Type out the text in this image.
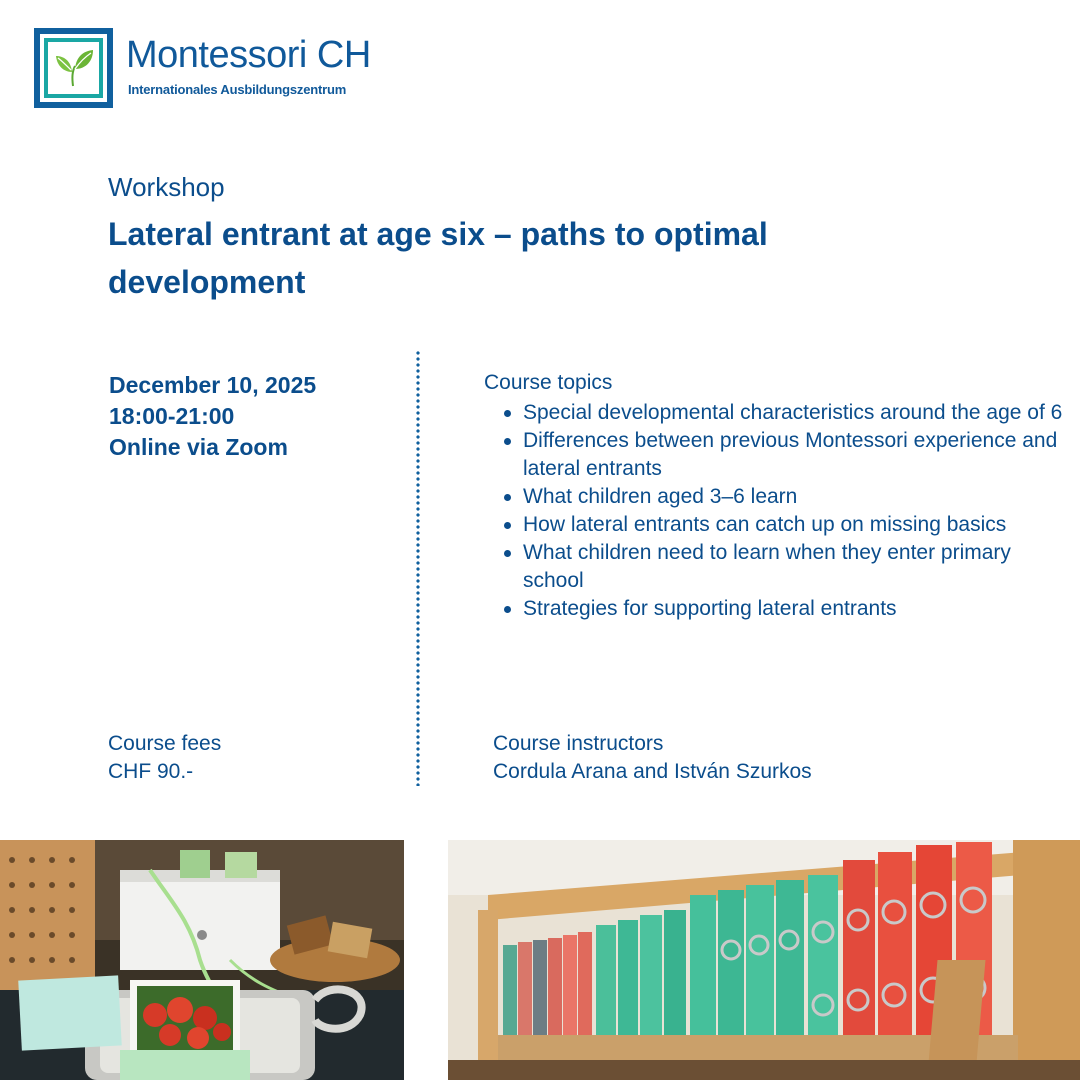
Montessori CH
Internationales Ausbildungszentrum
Workshop
Lateral entrant at age six – paths to optimal development
December 10, 2025
18:00-21:00
Online via Zoom
Course topics
Special developmental characteristics around the age of 6
Differences between previous Montessori experience and lateral entrants
What children aged 3–6 learn
How lateral entrants can catch up on missing basics
What children need to learn when they enter primary school
Strategies for supporting lateral entrants
Course fees
CHF 90.-
Course instructors
Cordula Arana and István Szurkos
